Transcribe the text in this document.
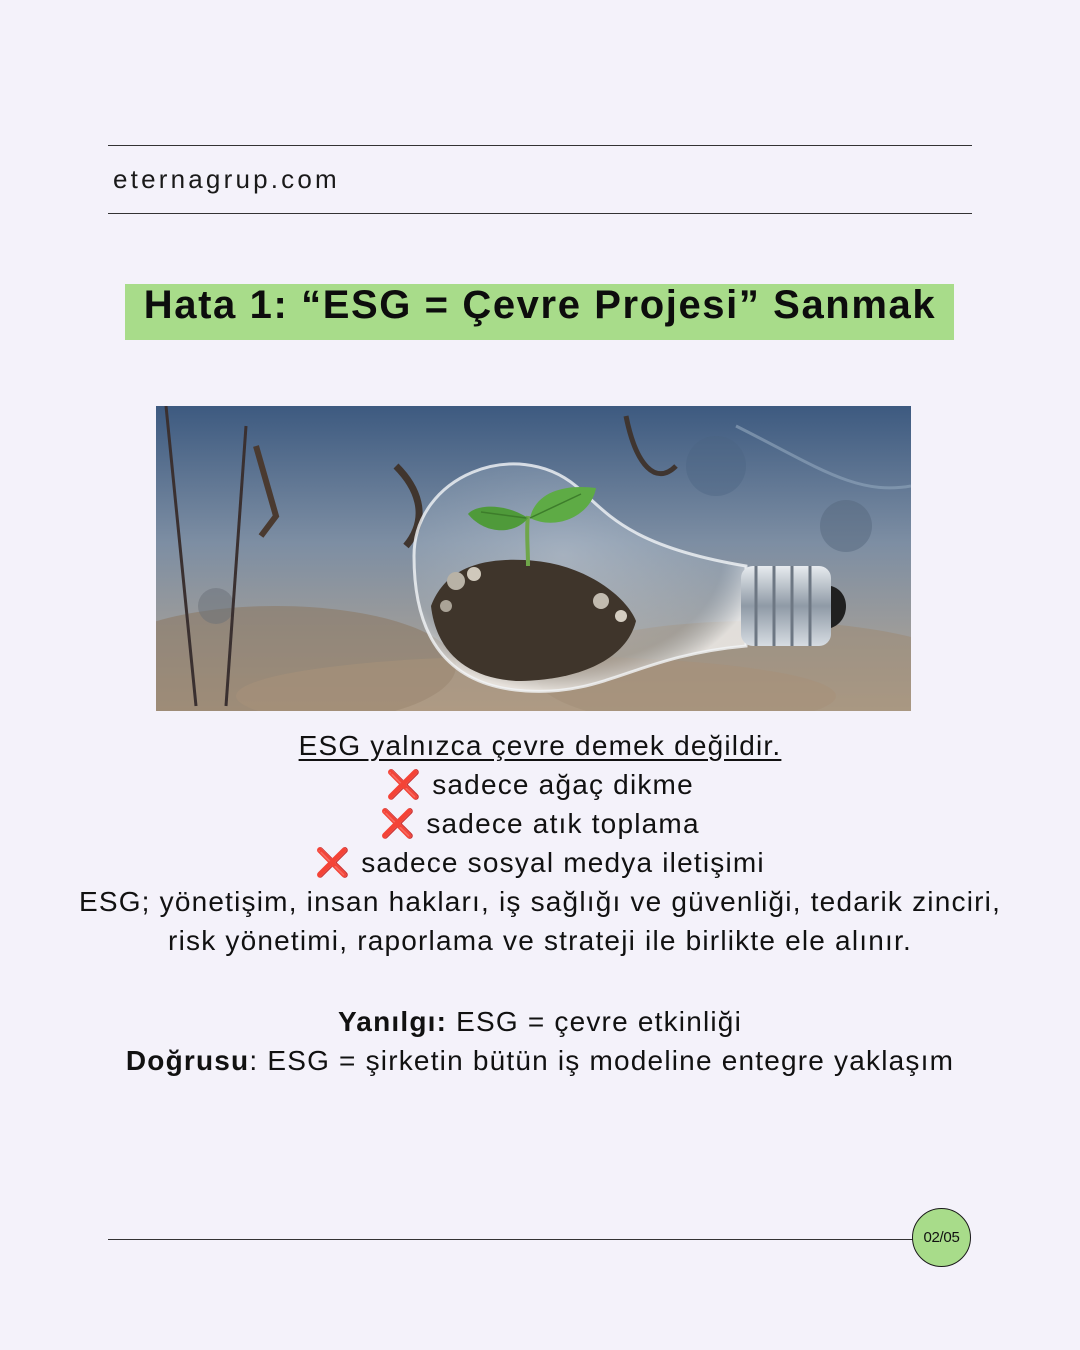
eternagrup.com
Hata 1: “ESG = Çevre Projesi” Sanmak
ESG yalnızca çevre demek değildir.
❌ sadece ağaç dikme
❌ sadece atık toplama
❌ sadece sosyal medya iletişimi
ESG; yönetişim, insan hakları, iş sağlığı ve güvenliği, tedarik zinciri,
risk yönetimi, raporlama ve strateji ile birlikte ele alınır.
Yanılgı: ESG = çevre etkinliği
Doğrusu: ESG = şirketin bütün iş modeline entegre yaklaşım
02/05
